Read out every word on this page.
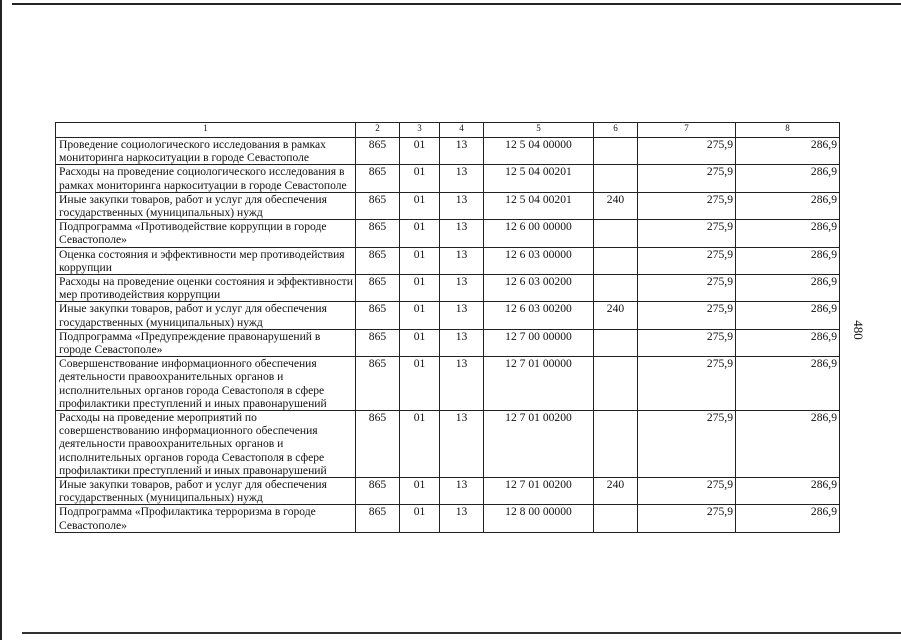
480
1	2	3	4	5	6	7	8
Проведение социологического исследования в рамках мониторинга наркоситуации в городе Севастополе	865	01	13	12 5 04 00000		275,9	286,9
Расходы на проведение социологического исследования в рамках мониторинга наркоситуации в городе Севастополе	865	01	13	12 5 04 00201		275,9	286,9
Иные закупки товаров, работ и услуг для обеспечения государственных (муниципальных) нужд	865	01	13	12 5 04 00201	240	275,9	286,9
Подпрограмма «Противодействие коррупции в городе Севастополе»	865	01	13	12 6 00 00000		275,9	286,9
Оценка состояния и эффективности мер противодействия коррупции	865	01	13	12 6 03 00000		275,9	286,9
Расходы на проведение оценки состояния и эффективности мер противодействия коррупции	865	01	13	12 6 03 00200		275,9	286,9
Иные закупки товаров, работ и услуг для обеспечения государственных (муниципальных) нужд	865	01	13	12 6 03 00200	240	275,9	286,9
Подпрограмма «Предупреждение правонарушений в городе Севастополе»	865	01	13	12 7 00 00000		275,9	286,9
Совершенствование информационного обеспечения деятельности правоохранительных органов и исполнительных органов города Севастополя в сфере профилактики преступлений и иных правонарушений	865	01	13	12 7 01 00000		275,9	286,9
Расходы на проведение мероприятий по совершенствованию информационного обеспечения деятельности правоохранительных органов и исполнительных органов города Севастополя в сфере профилактики преступлений и иных правонарушений	865	01	13	12 7 01 00200		275,9	286,9
Иные закупки товаров, работ и услуг для обеспечения государственных (муниципальных) нужд	865	01	13	12 7 01 00200	240	275,9	286,9
Подпрограмма «Профилактика терроризма в городе Севастополе»	865	01	13	12 8 00 00000		275,9	286,9
